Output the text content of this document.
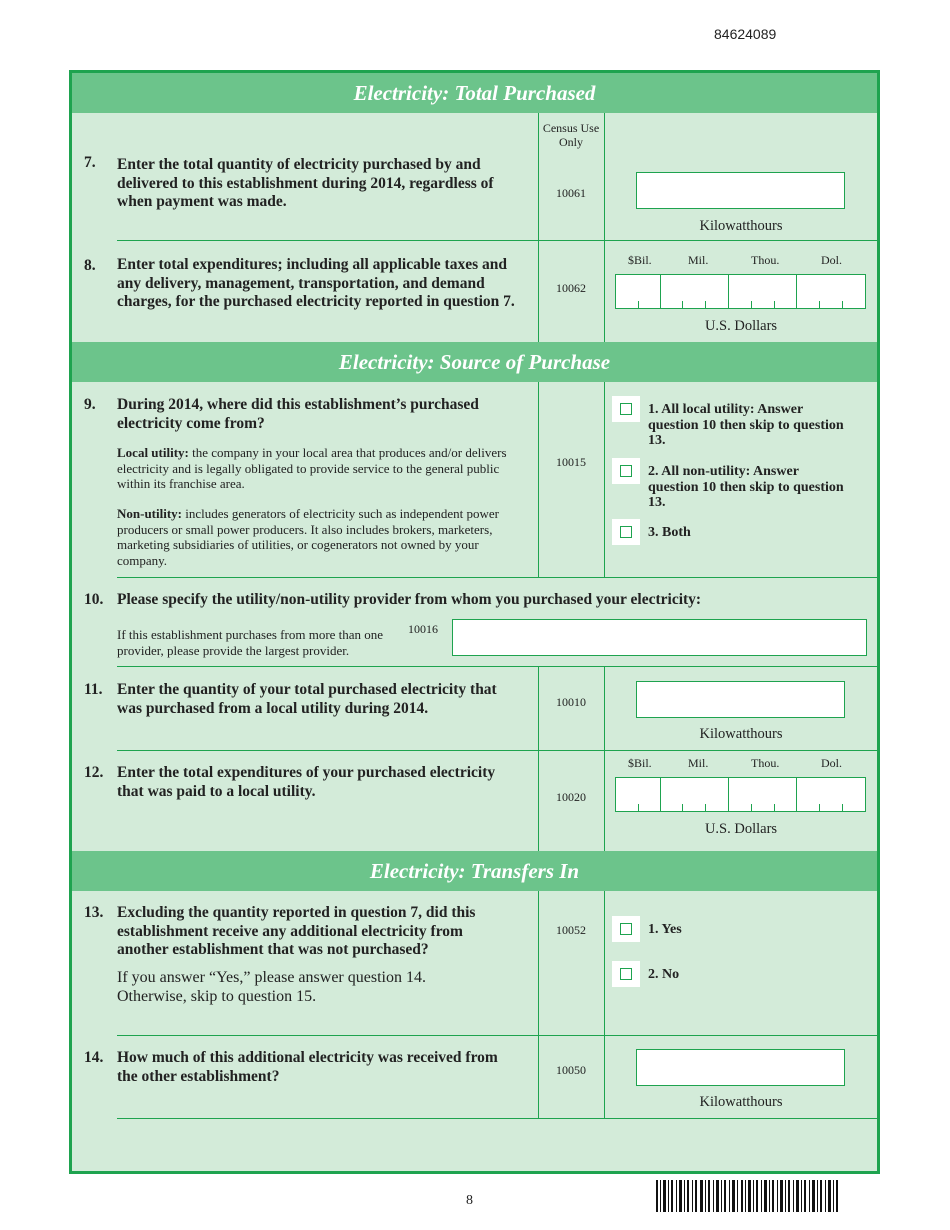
84624089
Electricity: Total Purchased
Census Use Only
7. Enter the total quantity of electricity purchased by and delivered to this establishment during 2014, regardless of when payment was made.	10061
Kilowatthours
8. Enter total expenditures; including all applicable taxes and any delivery, management, transportation, and demand charges, for the purchased electricity reported in question 7.
10062
$Bil.	Mil.	Thou.	Dol.
U.S. Dollars
Electricity: Source of Purchase
9. During 2014, where did this establishment’s purchased electricity come from?
Local utility: the company in your local area that produces and/or delivers electricity and is legally obligated to provide service to the general public within its franchise area.
Non-utility: includes generators of electricity such as independent power producers or small power producers. It also includes brokers, marketers, marketing subsidiaries of utilities, or cogenerators not owned by your company.
10015
1. All local utility: Answer question 10 then skip to question 13.
2. All non-utility: Answer question 10 then skip to question 13.
3. Both
10. Please specify the utility/non-utility provider from whom you purchased your electricity:
If this establishment purchases from more than one provider, please provide the largest provider.
10016
11. Enter the quantity of your total purchased electricity that was purchased from a local utility during 2014.	10010
Kilowatthours
12. Enter the total expenditures of your purchased electricity that was paid to a local utility.	10020
$Bil.	Mil.	Thou.	Dol.
U.S. Dollars
Electricity: Transfers In
13. Excluding the quantity reported in question 7, did this establishment receive any additional electricity from another establishment that was not purchased?
If you answer “Yes,” please answer question 14. Otherwise, skip to question 15.
10052	1. Yes
2. No
14. How much of this additional electricity was received from the other establishment?	10050
Kilowatthours
8
